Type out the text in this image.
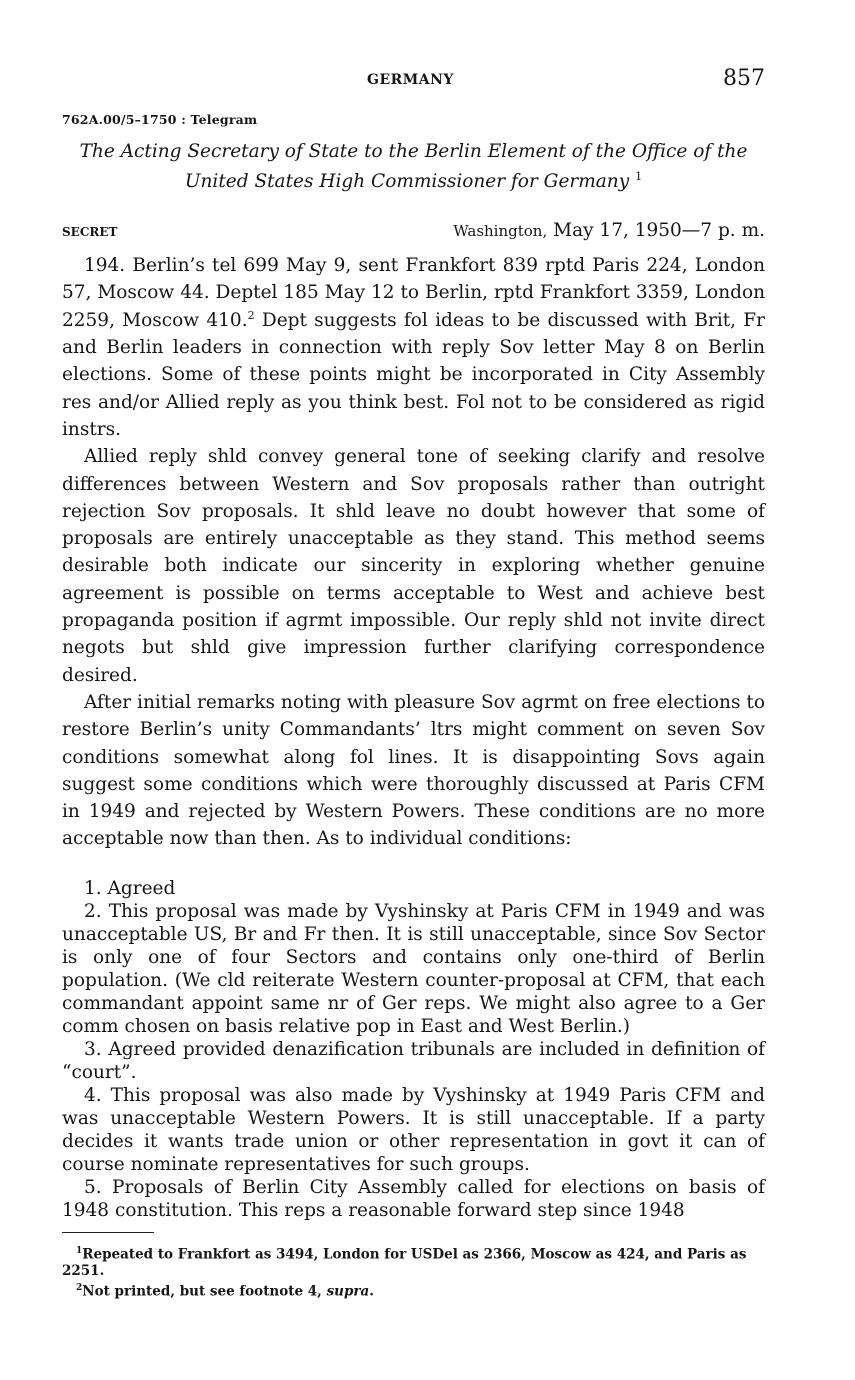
GERMANY	857
762A.00/5–1750 : Telegram
The Acting Secretary of State to the Berlin Element of the Office of the United States High Commissioner for Germany $^1$
SECRET	Washington, May 17, 1950—7 p. m.

194. Berlin’s tel 699 May 9, sent Frankfort 839 rptd Paris 224, London 57, Moscow 44. Deptel 185 May 12 to Berlin, rptd Frankfort 3359, London 2259, Moscow 410.$^2$ Dept suggests fol ideas to be discussed with Brit, Fr and Berlin leaders in connection with reply Sov letter May 8 on Berlin elections. Some of these points might be incorporated in City Assembly res and/or Allied reply as you think best. Fol not to be considered as rigid instrs.

Allied reply shld convey general tone of seeking clarify and resolve differences between Western and Sov proposals rather than outright rejection Sov proposals. It shld leave no doubt however that some of proposals are entirely unacceptable as they stand. This method seems desirable both indicate our sincerity in exploring whether genuine agreement is possible on terms acceptable to West and achieve best propaganda position if agrmt impossible. Our reply shld not invite direct negots but shld give impression further clarifying correspondence desired.

After initial remarks noting with pleasure Sov agrmt on free elections to restore Berlin’s unity Commandants’ ltrs might comment on seven Sov conditions somewhat along fol lines. It is disappointing Sovs again suggest some conditions which were thoroughly discussed at Paris CFM in 1949 and rejected by Western Powers. These conditions are no more acceptable now than then. As to individual conditions:

1. Agreed

2. This proposal was made by Vyshinsky at Paris CFM in 1949 and was unacceptable US, Br and Fr then. It is still unacceptable, since Sov Sector is only one of four Sectors and contains only one-third of Berlin population. (We cld reiterate Western counter-proposal at CFM, that each commandant appoint same nr of Ger reps. We might also agree to a Ger comm chosen on basis relative pop in East and West Berlin.)

3. Agreed provided denazification tribunals are included in definition of “court”.

4. This proposal was also made by Vyshinsky at 1949 Paris CFM and was unacceptable Western Powers. It is still unacceptable. If a party decides it wants trade union or other representation in govt it can of course nominate representatives for such groups.

5. Proposals of Berlin City Assembly called for elections on basis of 1948 constitution. This reps a reasonable forward step since 1948

$^1$Repeated to Frankfort as 3494, London for USDel as 2366, Moscow as 424, and Paris as 2251.

$^2$Not printed, but see footnote 4, supra.
